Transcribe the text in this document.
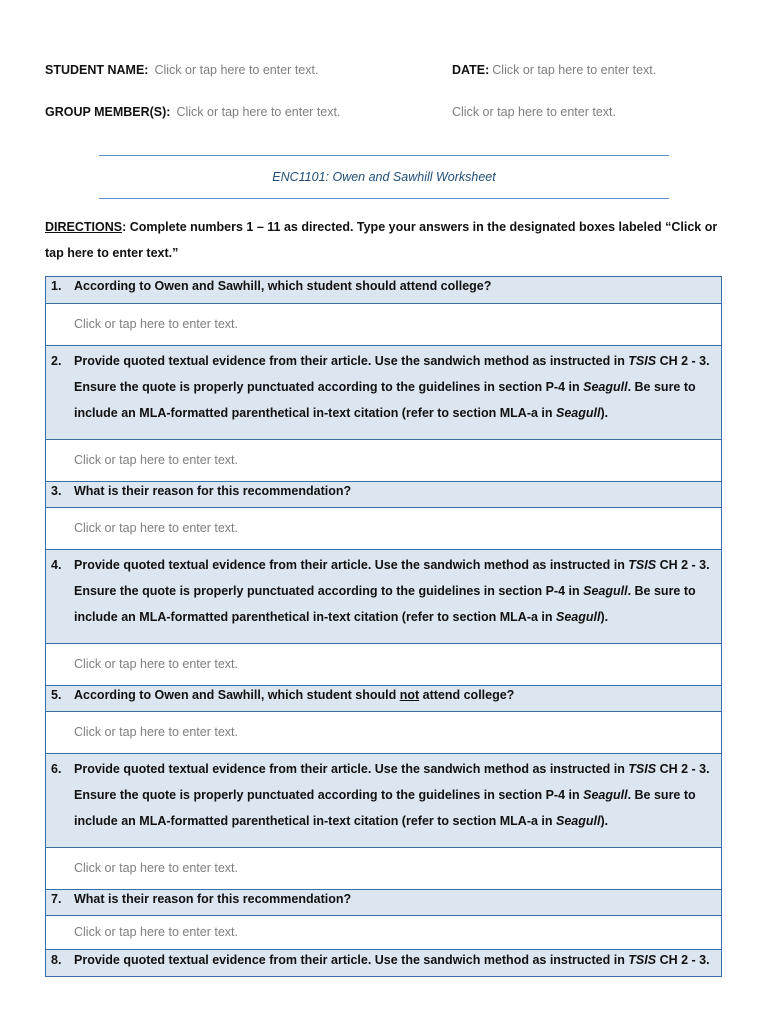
STUDENT NAME: Click or tap here to enter text.	DATE: Click or tap here to enter text.
GROUP MEMBER(S): Click or tap here to enter text.	Click or tap here to enter text.
ENC1101: Owen and Sawhill Worksheet
DIRECTIONS: Complete numbers 1 – 11 as directed. Type your answers in the designated boxes labeled “Click or tap here to enter text.”
1.	According to Owen and Sawhill, which student should attend college?

Click or tap here to enter text.

2.	Provide quoted textual evidence from their article. Use the sandwich method as instructed in TSIS CH 2 - 3. Ensure the quote is properly punctuated according to the guidelines in section P-4 in Seagull. Be sure to include an MLA-formatted parenthetical in-text citation (refer to section MLA-a in Seagull).

Click or tap here to enter text.

3.	What is their reason for this recommendation?

Click or tap here to enter text.

4.	Provide quoted textual evidence from their article. Use the sandwich method as instructed in TSIS CH 2 - 3. Ensure the quote is properly punctuated according to the guidelines in section P-4 in Seagull. Be sure to include an MLA-formatted parenthetical in-text citation (refer to section MLA-a in Seagull).

Click or tap here to enter text.

5.	According to Owen and Sawhill, which student should not attend college?

Click or tap here to enter text.

6.	Provide quoted textual evidence from their article. Use the sandwich method as instructed in TSIS CH 2 - 3. Ensure the quote is properly punctuated according to the guidelines in section P-4 in Seagull. Be sure to include an MLA-formatted parenthetical in-text citation (refer to section MLA-a in Seagull).

Click or tap here to enter text.

7.	What is their reason for this recommendation?

Click or tap here to enter text.

8.	Provide quoted textual evidence from their article. Use the sandwich method as instructed in TSIS CH 2 - 3.
